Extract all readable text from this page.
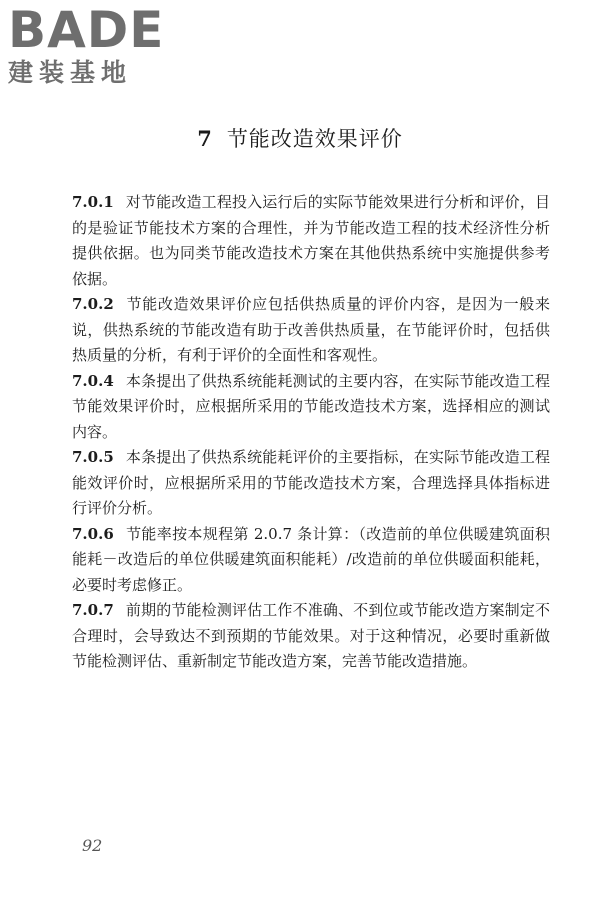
BADE
建装基地
7 节能改造效果评价

7.0.1 对节能改造工程投入运行后的实际节能效果进行分析和评价，目的是验证节能技术方案的合理性，并为节能改造工程的技术经济性分析提供依据。也为同类节能改造技术方案在其他供热系统中实施提供参考依据。

7.0.2 节能改造效果评价应包括供热质量的评价内容，是因为一般来说，供热系统的节能改造有助于改善供热质量，在节能评价时，包括供热质量的分析，有利于评价的全面性和客观性。

7.0.4 本条提出了供热系统能耗测试的主要内容，在实际节能改造工程节能效果评价时，应根据所采用的节能改造技术方案，选择相应的测试内容。

7.0.5 本条提出了供热系统能耗评价的主要指标，在实际节能改造工程能效评价时，应根据所采用的节能改造技术方案，合理选择具体指标进行评价分析。

7.0.6 节能率按本规程第 2.0.7 条计算：（改造前的单位供暖建筑面积能耗－改造后的单位供暖建筑面积能耗）/改造前的单位供暖面积能耗，必要时考虑修正。

7.0.7 前期的节能检测评估工作不准确、不到位或节能改造方案制定不合理时，会导致达不到预期的节能效果。对于这种情况，必要时重新做节能检测评估、重新制定节能改造方案，完善节能改造措施。

92
